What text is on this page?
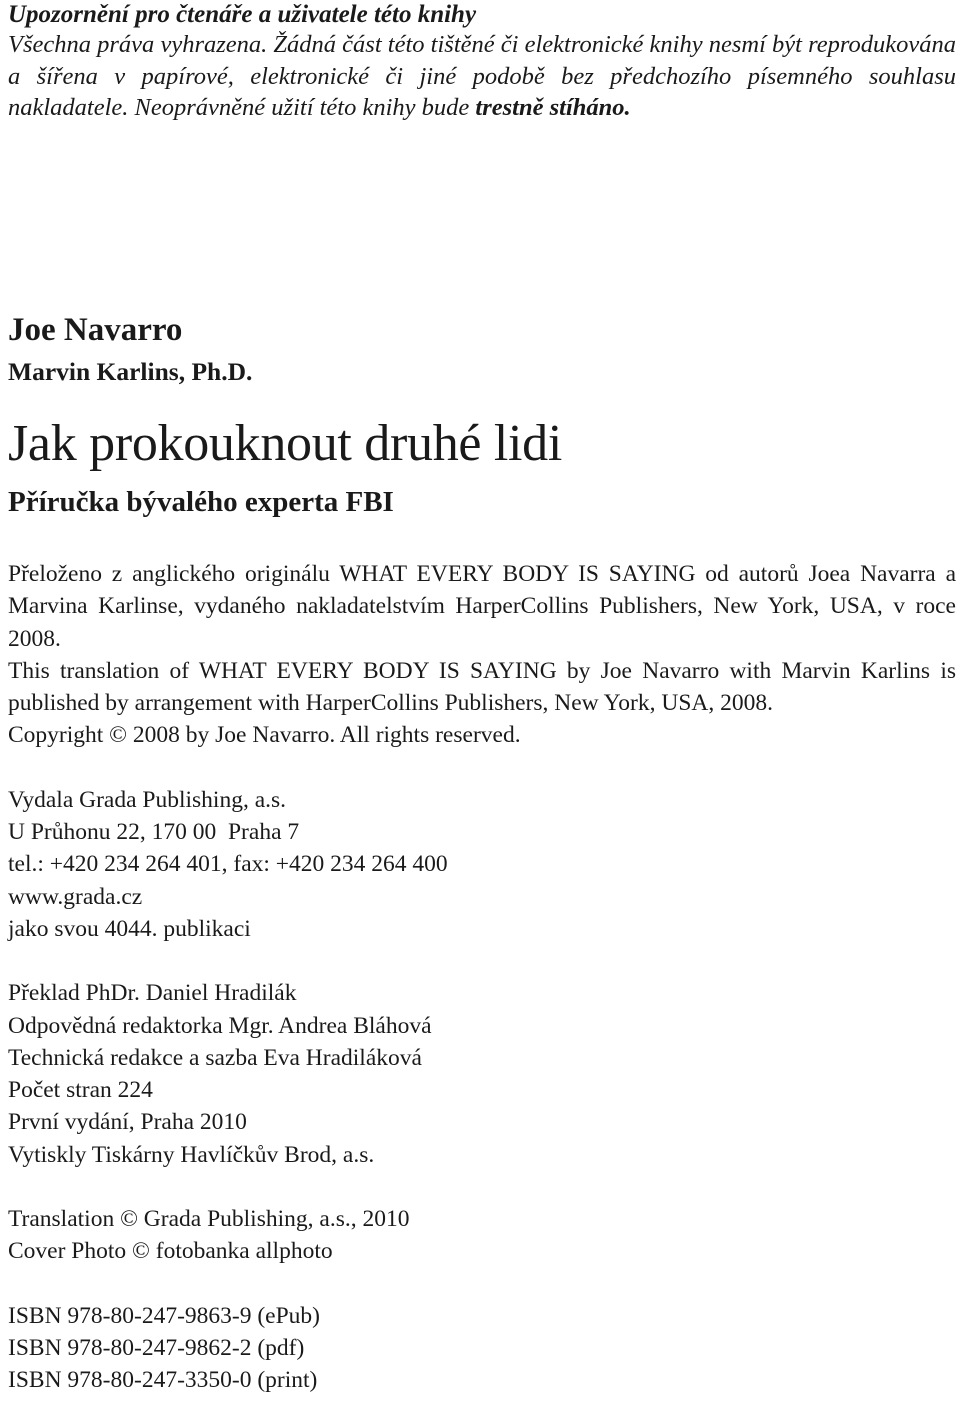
Upozornění pro čtenáře a uživatele této knihy

Všechna práva vyhrazena. Žádná část této tištěné či elektronické knihy nesmí být reprodukována a šířena v papírové, elektronické či jiné podobě bez předchozího písemného souhlasu nakladatele. Neoprávněné užití této knihy bude trestně stíháno.

Joe Navarro

Marvin Karlins, Ph.D.

Jak prokouknout druhé lidi
Příručka bývalého experta FBI

Přeloženo z anglického originálu WHAT EVERY BODY IS SAYING od autorů Joea Navarra a Marvina Karlinse, vydaného nakladatelstvím HarperCollins Publishers, New York, USA, v roce 2008.

This translation of WHAT EVERY BODY IS SAYING by Joe Navarro with Marvin Karlins is published by arrangement with HarperCollins Publishers, New York, USA, 2008.

Copyright © 2008 by Joe Navarro. All rights reserved.

Vydala Grada Publishing, a.s.

U Průhonu 22, 170 00  Praha 7

tel.: +420 234 264 401, fax: +420 234 264 400

www.grada.cz

jako svou 4044. publikaci

Překlad PhDr. Daniel Hradilák

Odpovědná redaktorka Mgr. Andrea Bláhová

Technická redakce a sazba Eva Hradiláková

Počet stran 224

První vydání, Praha 2010

Vytiskly Tiskárny Havlíčkův Brod, a.s.

Translation © Grada Publishing, a.s., 2010

Cover Photo © fotobanka allphoto

ISBN 978-80-247-9863-9 (ePub)

ISBN 978-80-247-9862-2 (pdf)

ISBN 978-80-247-3350-0 (print)
